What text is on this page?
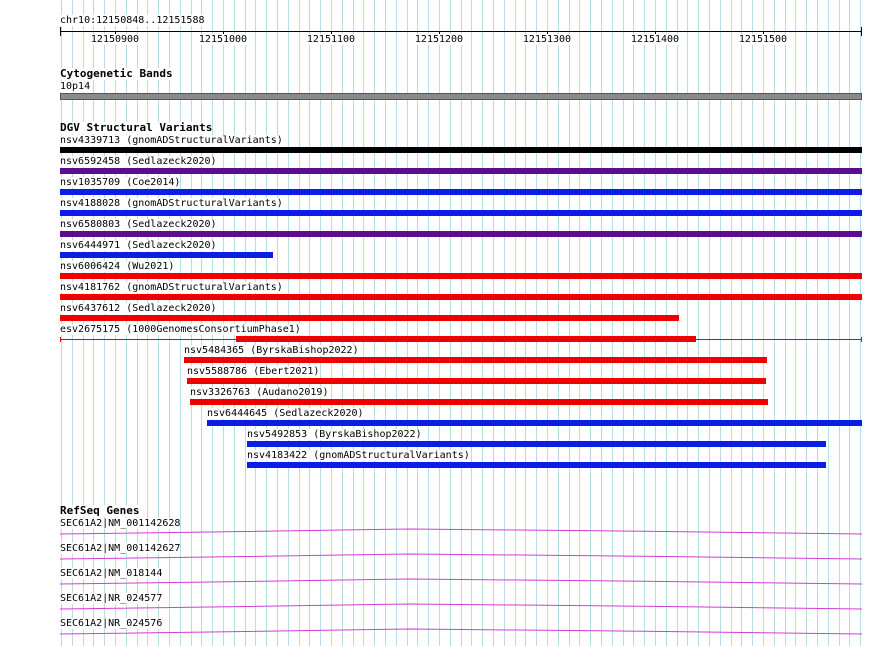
chr10:12150848..12151588
12150900	12151000	12151100	12151200	12151300	12151400	12151500
Cytogenetic Bands
10p14
DGV Structural Variants
nsv4339713 (gnomADStructuralVariants)
nsv6592458 (Sedlazeck2020)
nsv1035709 (Coe2014)
nsv4188028 (gnomADStructuralVariants)
nsv6580803 (Sedlazeck2020)
nsv6444971 (Sedlazeck2020)
nsv6006424 (Wu2021)
nsv4181762 (gnomADStructuralVariants)
nsv6437612 (Sedlazeck2020)
esv2675175 (1000GenomesConsortiumPhase1)
nsv5484365 (ByrskaBishop2022)
nsv5588786 (Ebert2021)
nsv3326763 (Audano2019)
nsv6444645 (Sedlazeck2020)
nsv5492853 (ByrskaBishop2022)
nsv4183422 (gnomADStructuralVariants)
RefSeq Genes
SEC61A2|NM_001142628
SEC61A2|NM_001142627
SEC61A2|NM_018144
SEC61A2|NR_024577
SEC61A2|NR_024576
